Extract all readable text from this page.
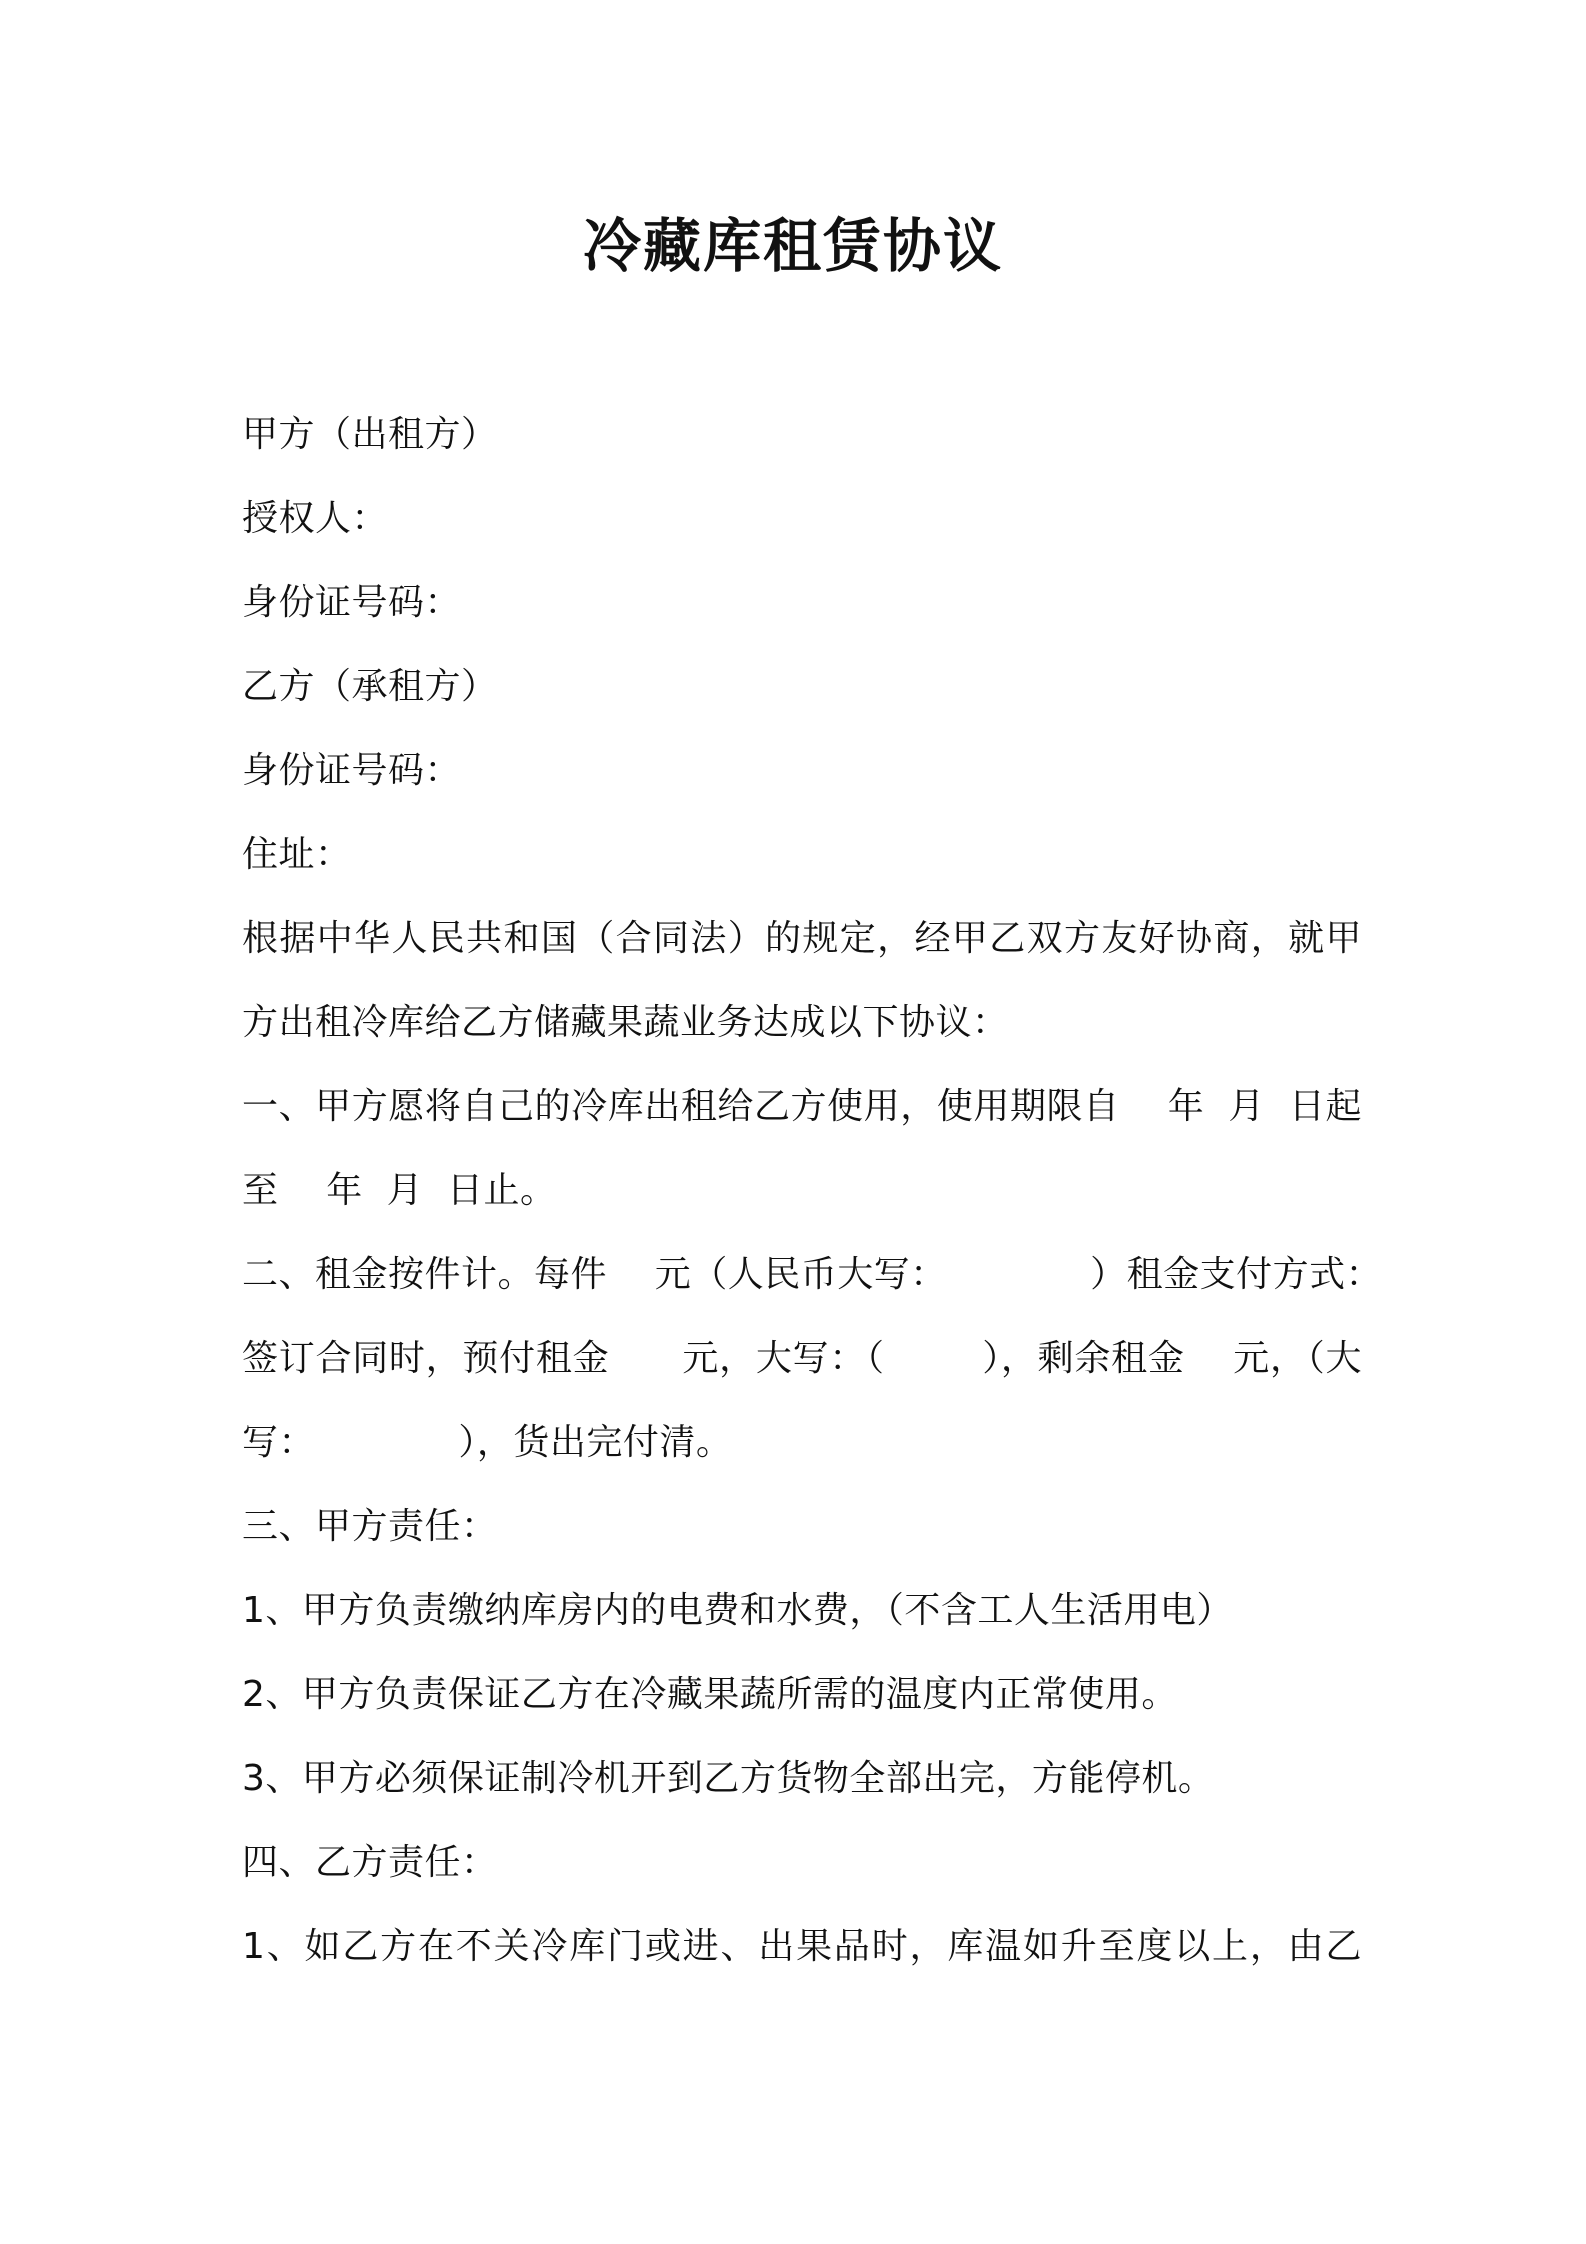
冷藏库租赁协议
甲方（出租方）
授权人：
身份证号码：
乙方（承租方）
身份证号码：
住址：
根据中华人民共和国（合同法）的规定，经甲乙双方友好协商，就甲
方出租冷库给乙方储藏果蔬业务达成以下协议：
一、甲方愿将自己的冷库出租给乙方使用，使用期限自    年  月  日起
至    年  月  日止。
二、租金按件计。每件    元（人民币大写：            ）租金支付方式：
签订合同时，预付租金      元，大写：（        ），剩余租金    元，（大
写：            ），货出完付清。
三、甲方责任：
1、甲方负责缴纳库房内的电费和水费，（不含工人生活用电）
2、甲方负责保证乙方在冷藏果蔬所需的温度内正常使用。
3、甲方必须保证制冷机开到乙方货物全部出完，方能停机。
四、乙方责任：
1、如乙方在不关冷库门或进、出果品时，库温如升至度以上，由乙
